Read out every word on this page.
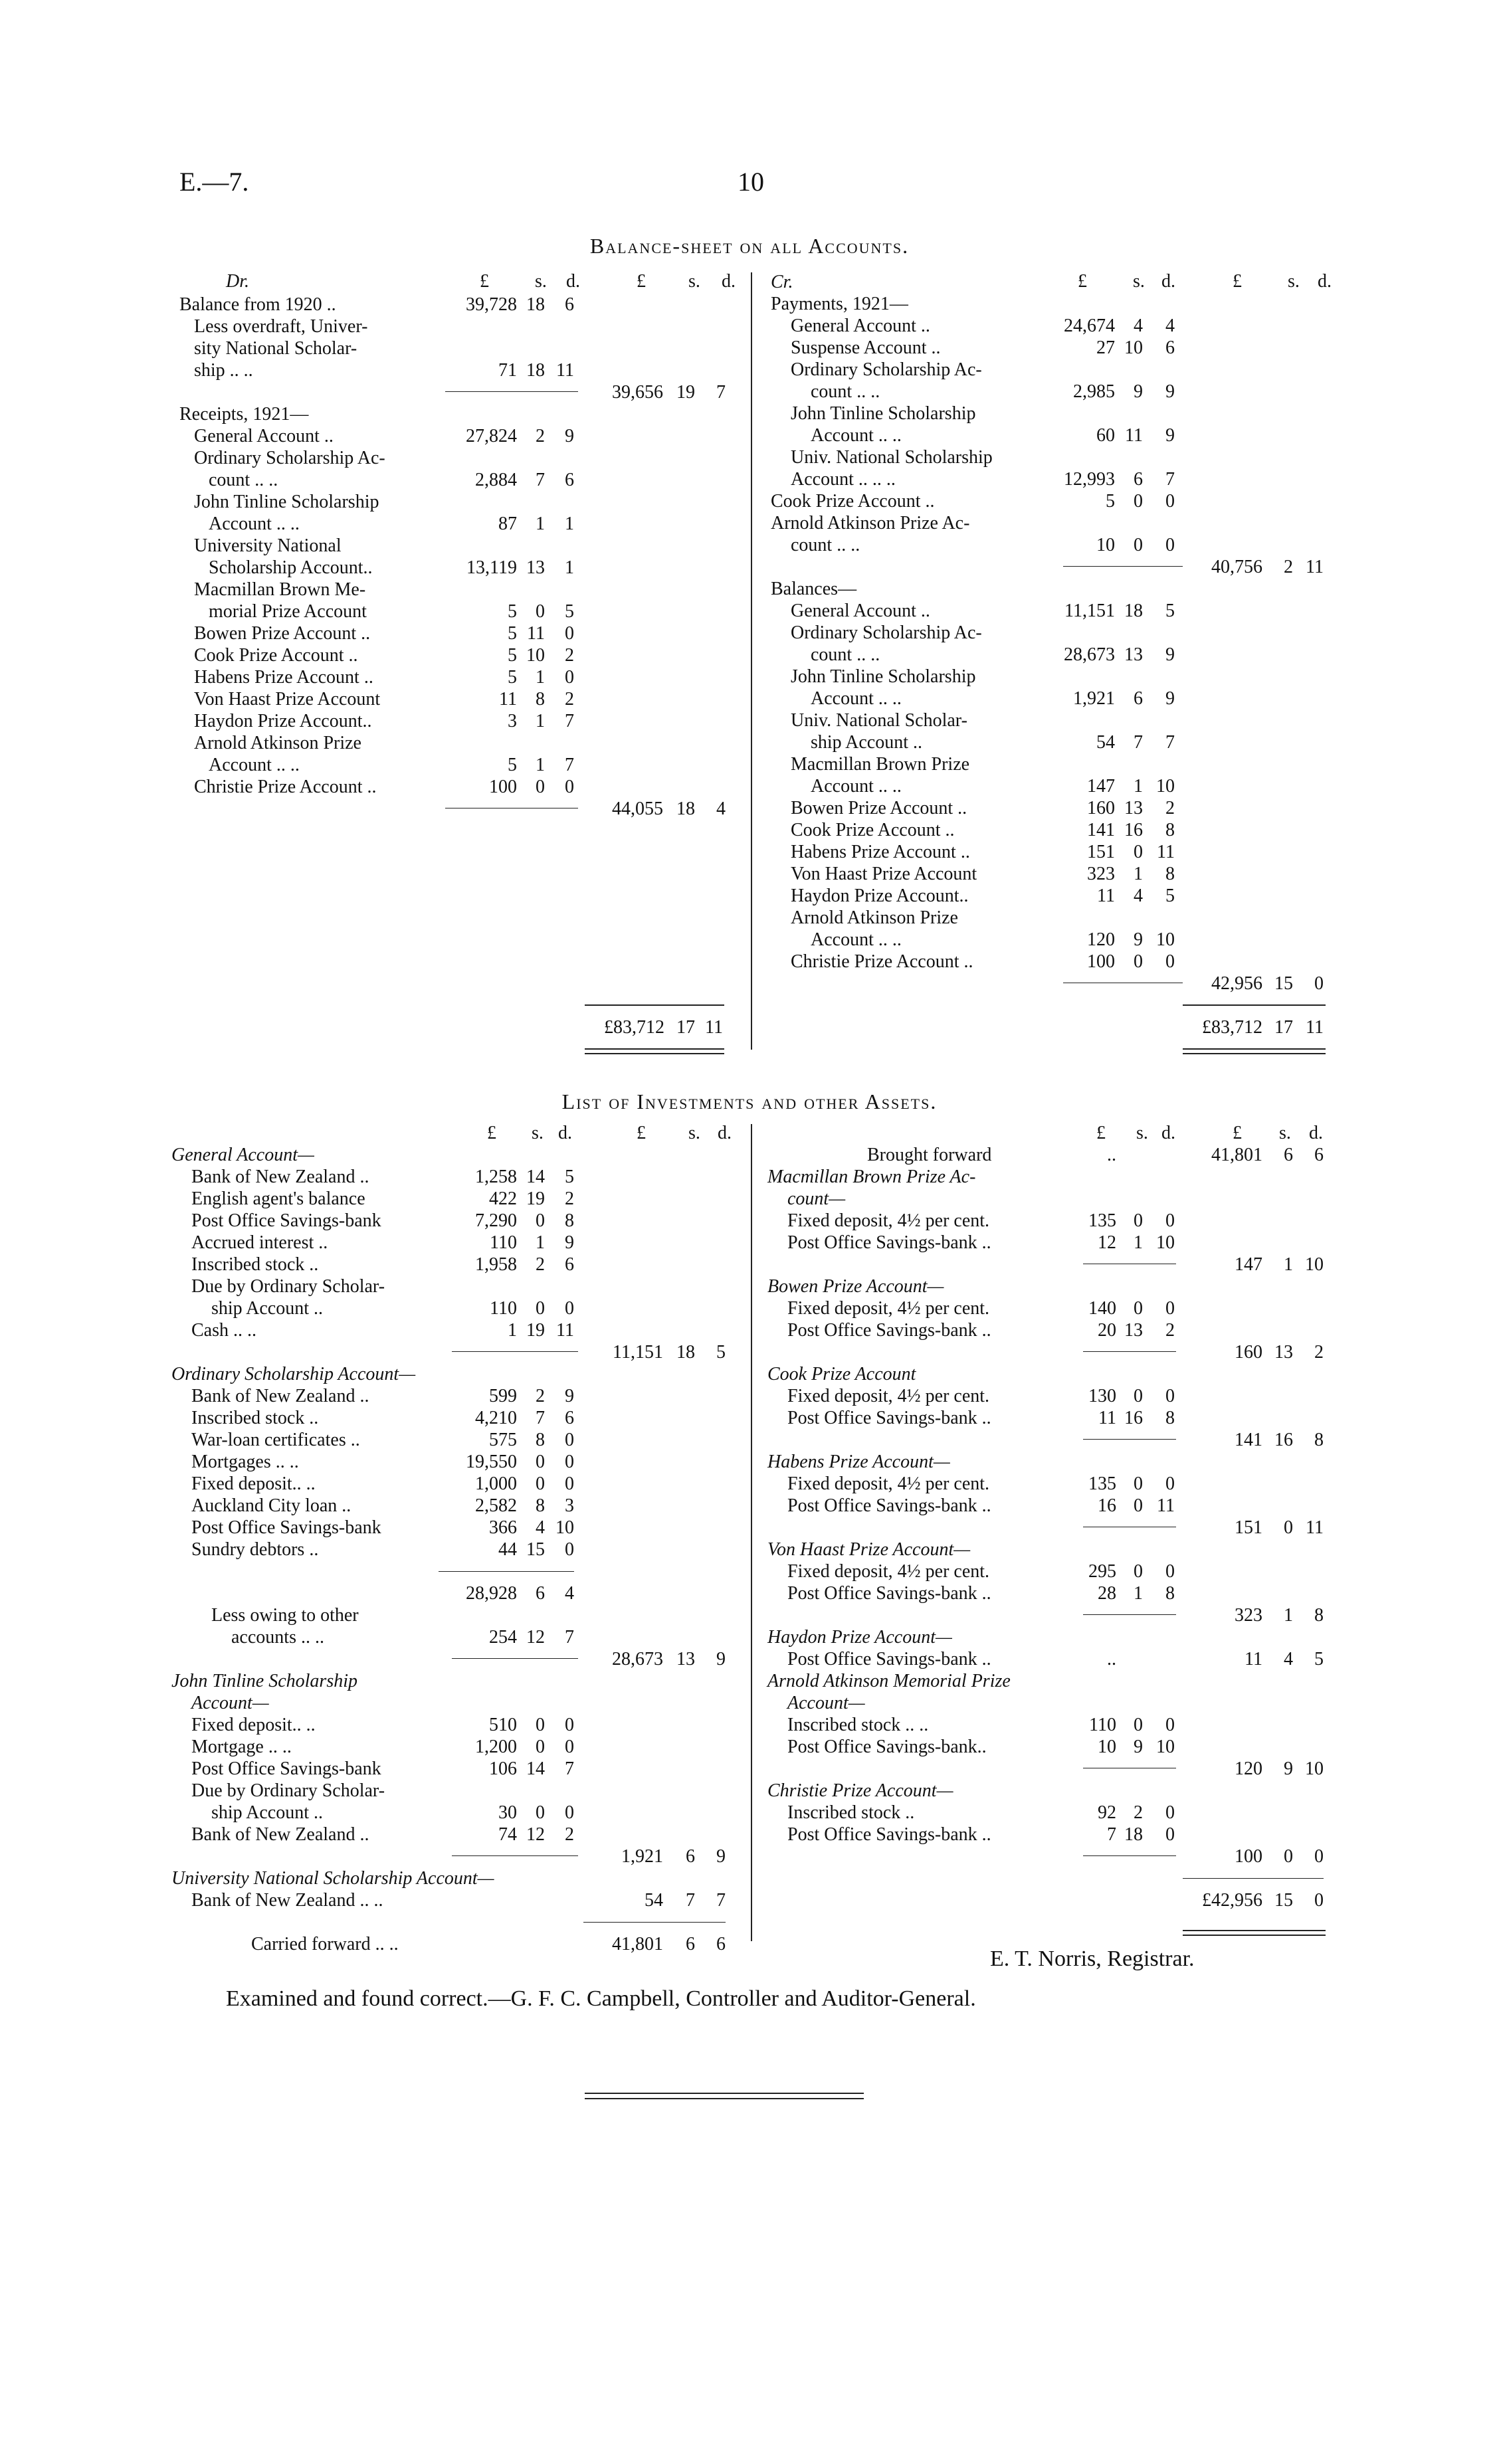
E.—7.	10
Balance-sheet on all Accounts.
Dr.	£ s. d.	£ s. d.	£ s. d.	£ s. d.
Balance from 1920 ..	39,728 18	6
Less overdraft, Univer-
sity National Scholar-
ship .. ..	71 18 11
39,656 19	7
Receipts, 1921—
General Account ..	27,824	2	9
Ordinary Scholarship Ac-
count .. ..	2,884	7	6
John Tinline Scholarship
Account .. ..	87	1	1
University National
Scholarship Account..	13,119 13	1
Macmillan Brown Me-
morial Prize Account	5	0	5
Bowen Prize Account ..	5 11	0
Cook Prize Account ..	5 10	2
Habens Prize Account ..	5	1	0
Von Haast Prize Account	11	8	2
Haydon Prize Account..	3	1	7
Arnold Atkinson Prize
Account .. ..	5	1	7
Christie Prize Account ..	100	0	0
44,055 18	4
Cr.
Payments, 1921—
General Account ..	24,674	4	4
Suspense Account ..	27 10	6
Ordinary Scholarship Ac-
count .. ..	2,985	9	9
John Tinline Scholarship
Account .. ..	60 11	9
Univ. National Scholarship
Account .. .. ..	12,993	6	7
Cook Prize Account ..	5	0	0
Arnold Atkinson Prize Ac-
count .. ..	10	0	0
40,756	2 11
Balances—
General Account ..	11,151 18	5
Ordinary Scholarship Ac-
count .. ..	28,673 13	9
John Tinline Scholarship
Account .. ..	1,921	6	9
Univ. National Scholar-
ship Account ..	54	7	7
Macmillan Brown Prize
Account .. ..	147	1 10
Bowen Prize Account ..	160 13	2
Cook Prize Account ..	141 16	8
Habens Prize Account ..	151	0 11
Von Haast Prize Account	323	1	8
Haydon Prize Account..	11	4	5
Arnold Atkinson Prize
Account .. ..	120	9 10
Christie Prize Account ..	100	0	0
42,956 15	0
£83,712 17 11	£83,712 17 11
List of Investments and other Assets.
£ s. d.	£ s. d.	£ s. d.	£ s. d.
General Account—
Bank of New Zealand ..	1,258 14	5
English agent's balance	422 19	2
Post Office Savings-bank	7,290	0	8
Accrued interest ..	110	1	9
Inscribed stock ..	1,958	2	6
Due by Ordinary Scholar-
ship Account ..	110	0	0
Cash .. ..	1 19 11
11,151 18	5
Ordinary Scholarship Account—
Bank of New Zealand ..	599	2	9
Inscribed stock ..	4,210	7	6
War-loan certificates ..	575	8	0
Mortgages .. ..	19,550	0	0
Fixed deposit.. ..	1,000	0	0
Auckland City loan ..	2,582	8	3
Post Office Savings-bank	366	4 10
Sundry debtors ..	44 15	0
28,928	6	4
Less owing to other
accounts .. ..	254 12	7
28,673 13	9
John Tinline Scholarship
Account—
Fixed deposit.. ..	510	0	0
Mortgage .. ..	1,200	0	0
Post Office Savings-bank	106 14	7
Due by Ordinary Scholar-
ship Account ..	30	0	0
Bank of New Zealand ..	74 12	2
1,921	6	9
University National Scholarship Account—
Bank of New Zealand .. ..	54	7	7
Carried forward .. ..	41,801	6	6
Brought forward	..	41,801	6	6
Macmillan Brown Prize Ac-
count—
Fixed deposit, 4½ per cent.	135 0	0
Post Office Savings-bank ..	12 1 10
147	1 10
Bowen Prize Account—
Fixed deposit, 4½ per cent.	140 0	0
Post Office Savings-bank ..	20 13	2
160 13	2
Cook Prize Account
Fixed deposit, 4½ per cent.	130 0	0
Post Office Savings-bank ..	11 16	8
141 16	8
Habens Prize Account—
Fixed deposit, 4½ per cent.	135 0	0
Post Office Savings-bank ..	16 0 11
151	0 11
Von Haast Prize Account—
Fixed deposit, 4½ per cent.	295 0	0
Post Office Savings-bank ..	28 1	8
323	1	8
Haydon Prize Account—
Post Office Savings-bank ..	..	11	4	5
Arnold Atkinson Memorial Prize
Account—
Inscribed stock .. ..	110 0	0
Post Office Savings-bank..	10 9 10
120	9 10
Christie Prize Account—
Inscribed stock ..	92 2	0
Post Office Savings-bank ..	7 18	0
100	0	0
£42,956 15	0
E. T. Norris, Registrar.
Examined and found correct.—G. F. C. Campbell, Controller and Auditor-General.
